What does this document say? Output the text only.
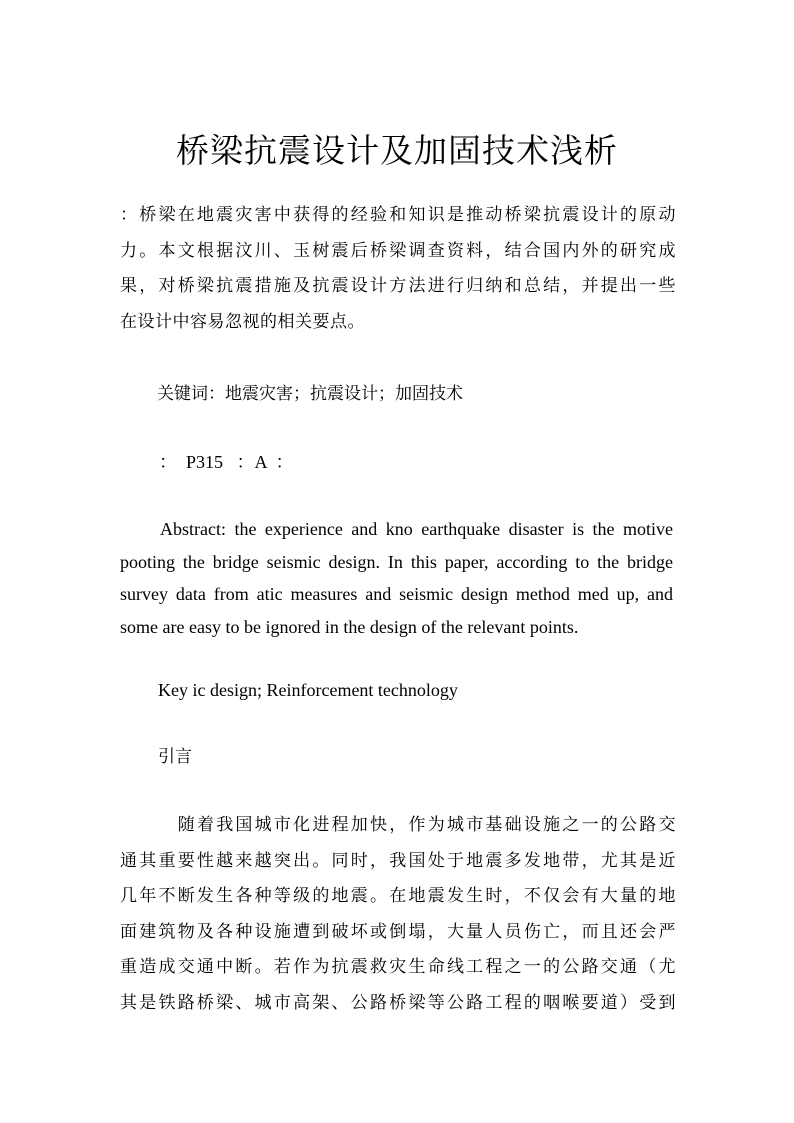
桥梁抗震设计及加固技术浅析
：桥梁在地震灾害中获得的经验和知识是推动桥梁抗震设计的原动
力。本文根据汶川、玉树震后桥梁调查资料，结合国内外的研究成
果，对桥梁抗震措施及抗震设计方法进行归纳和总结，并提出一些
在设计中容易忽视的相关要点。

关键词：地震灾害；抗震设计；加固技术

：  P315   ：A  ：

Abstract: the experience and kno earthquake disaster is the motive pooting the bridge seismic design. In this paper, according to the bridge survey data from atic measures and seismic design method med up, and some are easy to be ignored in the design of the relevant points.

Key ic design; Reinforcement technology

引言
随着我国城市化进程加快，作为城市基础设施之一的公路交
通其重要性越来越突出。同时，我国处于地震多发地带，尤其是近
几年不断发生各种等级的地震。在地震发生时，不仅会有大量的地
面建筑物及各种设施遭到破坏或倒塌，大量人员伤亡，而且还会严
重造成交通中断。若作为抗震救灾生命线工程之一的公路交通（尤
其是铁路桥梁、城市高架、公路桥梁等公路工程的咽喉要道）受到
